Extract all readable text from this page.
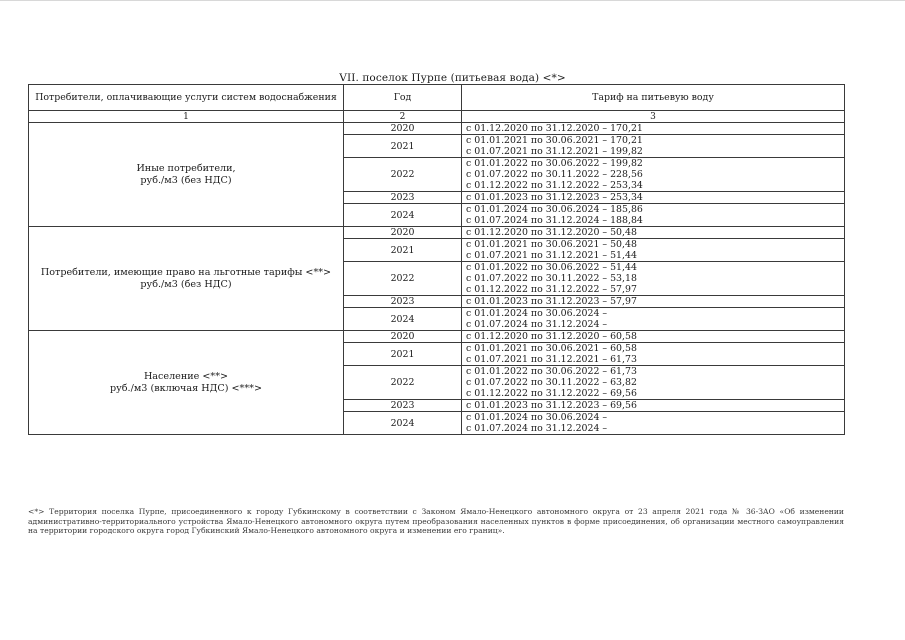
VII. поселок Пурпе (питьевая вода) <*>
Потребители, оплачивающие услуги систем водоснабжения	Год	Тариф на питьевую воду
1	2	3
Иные потребители,
руб./м3 (без НДС)	2020	с 01.12.2020 по 31.12.2020 – 170,21

	2021	с 01.01.2021 по 30.06.2021 – 170,21
с 01.07.2021 по 31.12.2021 – 199,82

	2022	с 01.01.2022 по 30.06.2022 – 199,82
с 01.07.2022 по 30.11.2022 – 228,56
с 01.12.2022 по 31.12.2022 – 253,34

	2023	с 01.01.2023 по 31.12.2023 – 253,34

	2024	с 01.01.2024 по 30.06.2024 – 185,86
с 01.07.2024 по 31.12.2024 – 188,84

Потребители, имеющие право на льготные тарифы <**>
руб./м3 (без НДС)	2020	с 01.12.2020 по 31.12.2020 – 50,48

	2021	с 01.01.2021 по 30.06.2021 – 50,48
с 01.07.2021 по 31.12.2021 – 51,44

	2022	с 01.01.2022 по 30.06.2022 – 51,44
с 01.07.2022 по 30.11.2022 – 53,18
с 01.12.2022 по 31.12.2022 – 57,97

	2023	с 01.01.2023 по 31.12.2023 – 57,97

	2024	с 01.01.2024 по 30.06.2024 –
с 01.07.2024 по 31.12.2024 –

Население <**>
руб./м3 (включая НДС) <***>	2020	с 01.12.2020 по 31.12.2020 – 60,58

	2021	с 01.01.2021 по 30.06.2021 – 60,58
с 01.07.2021 по 31.12.2021 – 61,73

	2022	с 01.01.2022 по 30.06.2022 – 61,73
с 01.07.2022 по 30.11.2022 – 63,82
с 01.12.2022 по 31.12.2022 – 69,56

	2023	с 01.01.2023 по 31.12.2023 – 69,56

	2024	с 01.01.2024 по 30.06.2024 –
с 01.07.2024 по 31.12.2024 –

<*> Территория поселка Пурпе, присоединенного к городу Губкинскому в соответствии с Законом Ямало-Ненецкого автономного округа от 23 апреля 2021 года № 36-ЗАО «Об изменении административно-территориального устройства Ямало-Ненецкого автономного округа путем преобразования населенных пунктов в форме присоединения, об организации местного самоуправления на территории городского округа город Губкинский Ямало-Ненецкого автономного округа и изменении его границ».
